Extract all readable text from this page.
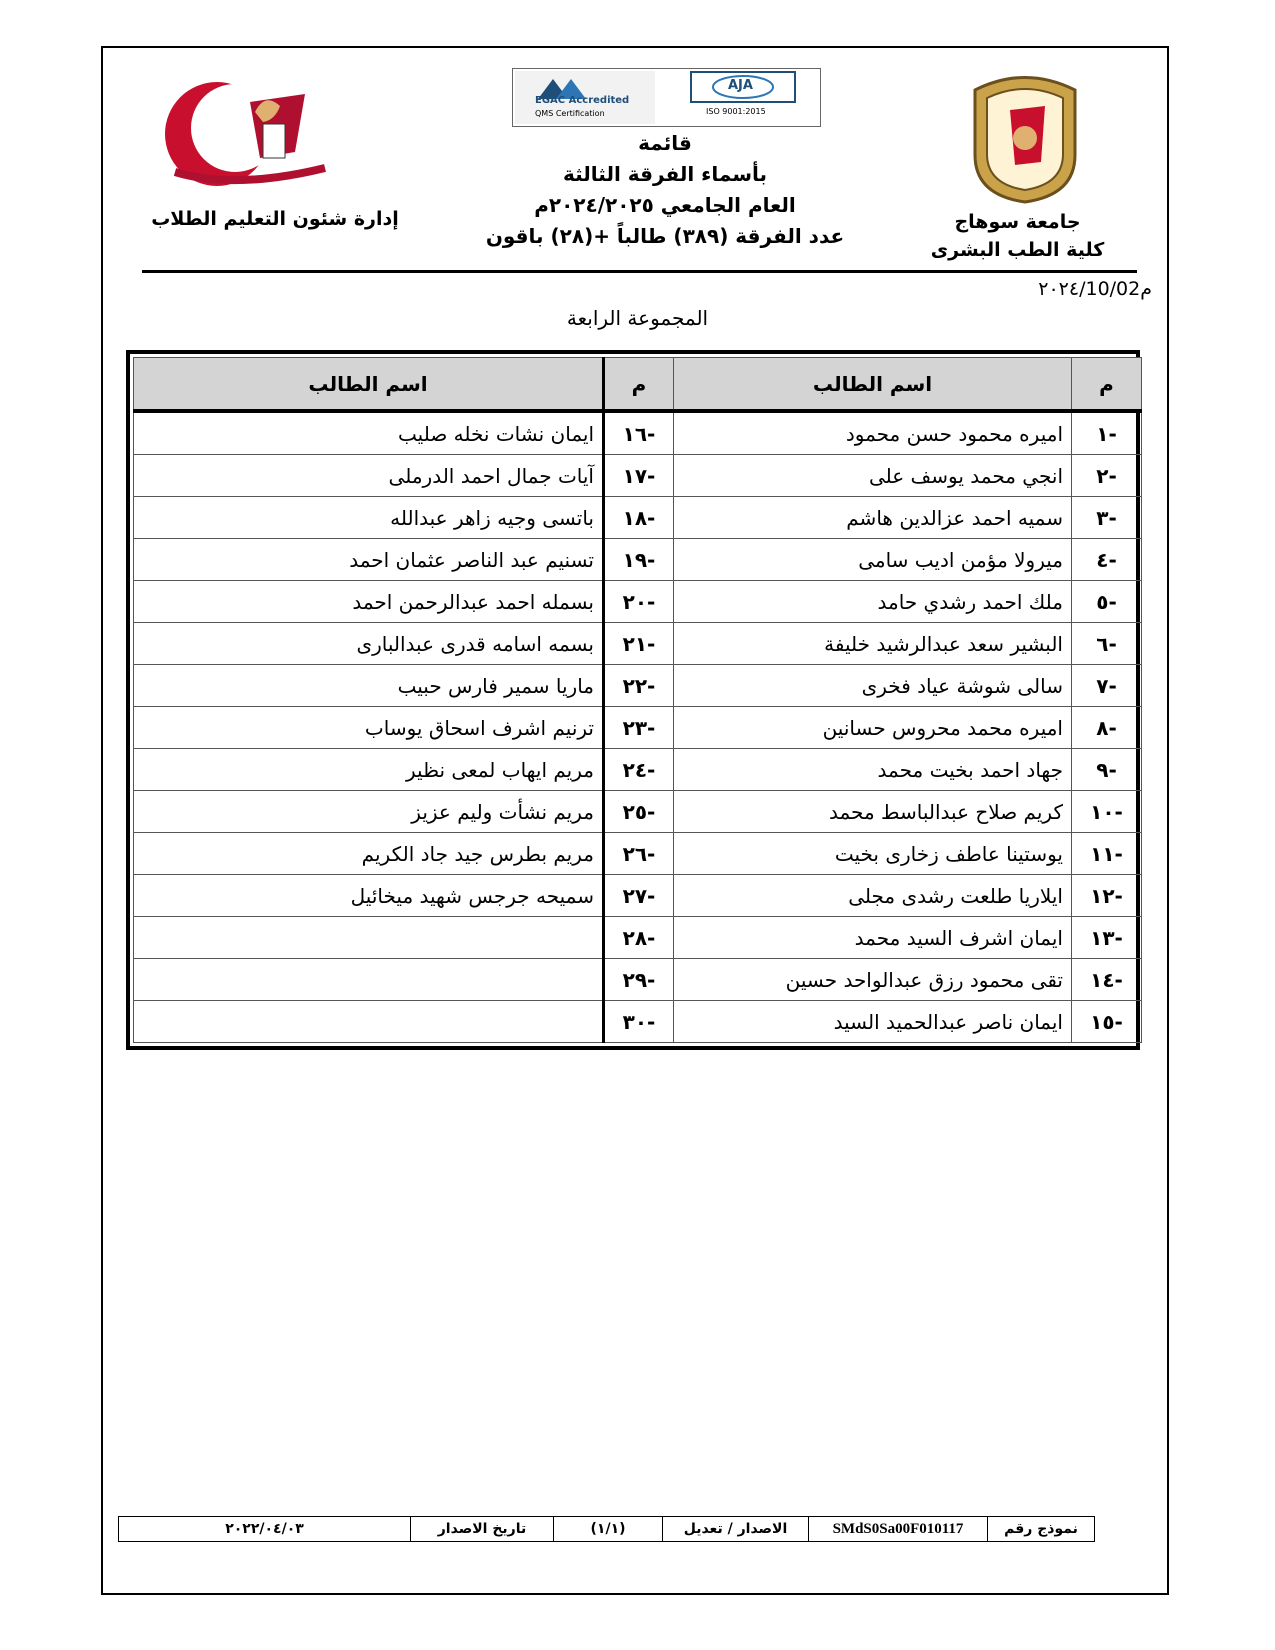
EGAC Accredited
QMS Certification
AJA
ISO 9001:2015
قائمة
بأسماء الفرقة الثالثة
العام الجامعي ٢٠٢٤/٢٠٢٥م
عدد الفرقة (٣٨٩) طالباً +(٢٨) باقون
إدارة شئون التعليم الطلاب	جامعة سوهاج
كلية الطب البشرى
٢٠٢٤/10/02م
المجموعة الرابعة
م	اسم الطالب	م	اسم الطالب
-١	اميره محمود حسن محمود	-١٦	ايمان نشات نخله صليب
-٢	انجي محمد يوسف على	-١٧	آيات جمال احمد الدرملى
-٣	سميه احمد عزالدين هاشم	-١٨	باتسى وجيه زاهر عبدالله
-٤	ميرولا مؤمن اديب سامى	-١٩	تسنيم عبد الناصر عثمان احمد
-٥	ملك احمد رشدي حامد	-٢٠	بسمله احمد عبدالرحمن احمد
-٦	البشير سعد عبدالرشيد خليفة	-٢١	بسمه اسامه قدرى عبدالبارى
-٧	سالى شوشة عياد فخرى	-٢٢	ماريا سمير فارس حبيب
-٨	اميره محمد محروس حسانين	-٢٣	ترنيم اشرف اسحاق يوساب
-٩	جهاد احمد بخيت محمد	-٢٤	مريم ايهاب لمعى نظير
-١٠	كريم صلاح عبدالباسط محمد	-٢٥	مريم نشأت وليم عزيز
-١١	يوستينا عاطف زخارى بخيت	-٢٦	مريم بطرس جيد جاد الكريم
-١٢	ايلاريا طلعت رشدى مجلى	-٢٧	سميحه جرجس شهيد ميخائيل
-١٣	ايمان اشرف السيد محمد	-٢٨	
-١٤	تقى محمود رزق عبدالواحد حسين	-٢٩	
-١٥	ايمان ناصر عبدالحميد السيد	-٣٠	
نموذج رقم
SMdS0Sa00F010117
الاصدار / تعديل
(١/١)
تاريخ الاصدار
٢٠٢٢/٠٤/٠٣
